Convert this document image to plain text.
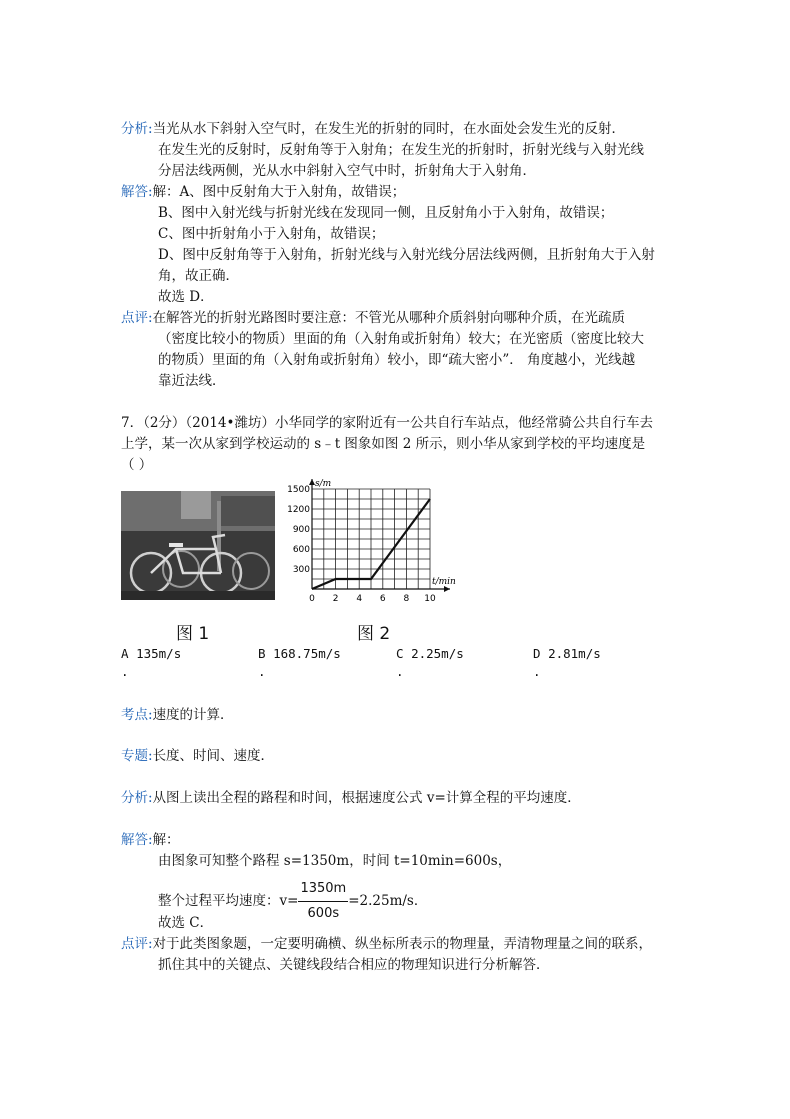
分析:当光从水下斜射入空气时，在发生光的折射的同时，在水面处会发生光的反射．
在发生光的反射时，反射角等于入射角；在发生光的折射时，折射光线与入射光线
分居法线两侧，光从水中斜射入空气中时，折射角大于入射角．
解答:解：A、图中反射角大于入射角，故错误；
B、图中入射光线与折射光线在发现同一侧，且反射角小于入射角，故错误；
C、图中折射角小于入射角，故错误；
D、图中反射角等于入射角，折射光线与入射光线分居法线两侧，且折射角大于入射
角，故正确．
故选 D．
点评:在解答光的折射光路图时要注意：不管光从哪种介质斜射向哪种介质，在光疏质
（密度比较小的物质）里面的角（入射角或折射角）较大；在光密质（密度比较大
的物质）里面的角（入射角或折射角）较小，即“疏大密小”． 角度越小，光线越
靠近法线．
7．（2分）（2014•潍坊）小华同学的家附近有一公共自行车站点，他经常骑公共自行车去
上学，某一次从家到学校运动的 s﹣t 图象如图 2 所示，则小华从家到学校的平均速度是
（ ）
0 2 4 6 8 10
300
600
900
1200
1500
t/min
s/m
图 1	图 2
A 135m/s	B 168.75m/s	C 2.25m/s	D 2.81m/s
.	.	.	.
考点:速度的计算．
专题:长度、时间、速度．
分析:从图上读出全程的路程和时间，根据速度公式 v=计算全程的平均速度．
解答:解：
由图象可知整个路程 s=1350m，时间 t=10min=600s，
整个过程平均速度：$v= \frac{1350m}{600s} =2.25m/s$．
故选 C．
点评:对于此类图象题，一定要明确横、纵坐标所表示的物理量，弄清物理量之间的联系，
抓住其中的关键点、关键线段结合相应的物理知识进行分析解答．
